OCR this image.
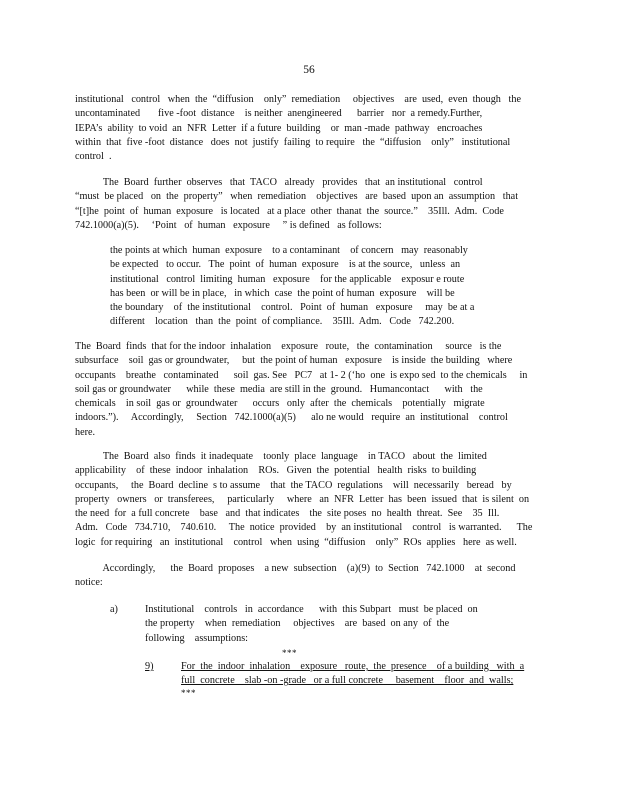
56
institutional   control   when  the  “diffusion    only”  remediation     objectives    are  used,  even  though   the
uncontaminated       five -foot  distance    is neither  anengineered      barrier   nor  a remedy.Further,
IEPA’s  ability  to void  an  NFR  Letter  if a future  building    or  man -made  pathway   encroaches
within  that  five -foot  distance   does  not  justify  failing  to require   the  “diffusion    only”   institutional
control  .
The  Board  further  observes   that  TACO   already   provides   that  an institutional   control
“must  be placed   on  the  property”   when  remediation    objectives   are  based  upon an  assumption   that
“[t]he  point  of  human  exposure   is located   at a place  other  thanat  the  source.”    35Ill.  Adm.  Code
742.1000(a)(5).     ‘Point   of  human   exposure     ” is defined   as follows:
the points at which  human  exposure    to a contaminant    of concern   may  reasonably
be expected   to occur.   The  point  of  human  exposure    is at the source,   unless  an
institutional   control  limiting  human   exposure    for the applicable    exposur e route
has been  or will be in place,   in which  case  the point of human  exposure    will be
the boundary    of  the institutional    control.   Point  of  human   exposure     may  be at a
different    location   than  the  point  of compliance.    35Ill.  Adm.   Code   742.200.
The  Board  finds  that for the indoor  inhalation    exposure   route,   the  contamination     source   is the
subsurface    soil  gas or groundwater,     but  the point of human   exposure    is inside  the building   where
occupants    breathe   contaminated      soil  gas. See   PC7   at 1- 2 (‘ho  one  is expo sed  to the chemicals     in
soil gas or groundwater      while  these  media  are still in the  ground.   Humancontact      with   the
chemicals    in soil  gas or  groundwater      occurs   only  after  the  chemicals    potentially   migrate
indoors.”).     Accordingly,     Section   742.1000(a)(5)      alo ne would   require  an  institutional    control
here.
The  Board  also  finds  it inadequate    toonly  place  language    in TACO   about  the  limited
applicability    of  these  indoor  inhalation    ROs.   Given  the  potential   health  risks  to building
occupants,     the  Board  decline  s to assume    that  the TACO  regulations    will  necessarily   beread   by
property   owners   or  transferees,     particularly     where   an  NFR  Letter  has  been  issued  that  is silent  on
the need  for  a full concrete    base   and  that indicates    the  site poses  no  health  threat.  See    35  Ill.
Adm.   Code   734.710,    740.610.     The  notice  provided    by  an institutional    control   is warranted.      The
logic  for requiring   an  institutional    control   when  using  “diffusion    only”  ROs  applies   here  as well.
Accordingly,      the  Board  proposes    a new  subsection    (a)(9)  to  Section   742.1000    at  second
notice:
a)	Institutional    controls   in  accordance      with  this Subpart   must  be placed  on
the property    when  remediation     objectives    are  based  on any  of  the
following    assumptions:
***
9)	For  the  indoor  inhalation    exposure   route,  the  presence    of a building   with  a
full  concrete    slab -on -grade   or a full concrete     basement    floor  and  walls;
***
